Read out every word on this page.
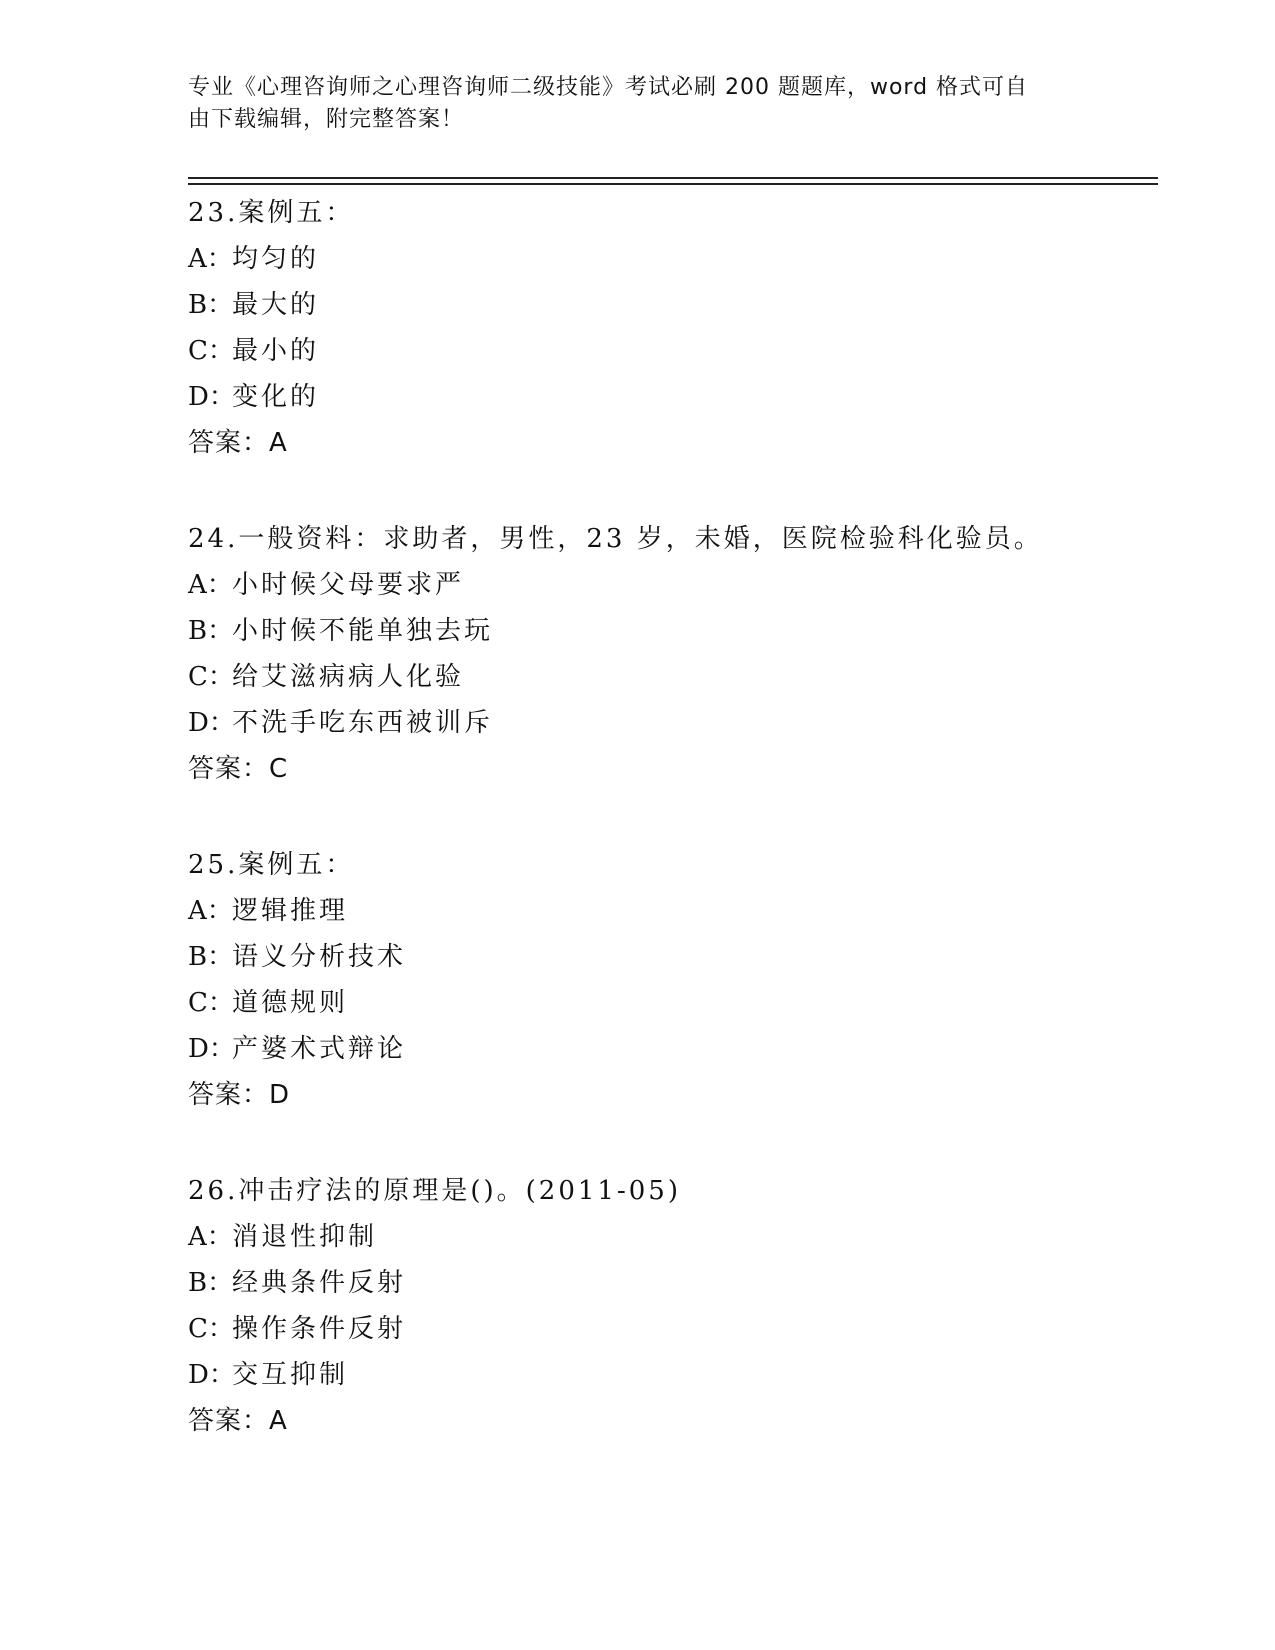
专业《心理咨询师之心理咨询师二级技能》考试必刷 200 题题库，word 格式可自
由下载编辑，附完整答案！
23.案例五：
A：均匀的
B：最大的
C：最小的
D：变化的
答案：A
24.一般资料：求助者，男性，23 岁，未婚，医院检验科化验员。
A：小时候父母要求严
B：小时候不能单独去玩
C：给艾滋病病人化验
D：不洗手吃东西被训斥
答案：C
25.案例五：
A：逻辑推理
B：语义分析技术
C：道德规则
D：产婆术式辩论
答案：D
26.冲击疗法的原理是()。(2011-05)
A：消退性抑制
B：经典条件反射
C：操作条件反射
D：交互抑制
答案：A
